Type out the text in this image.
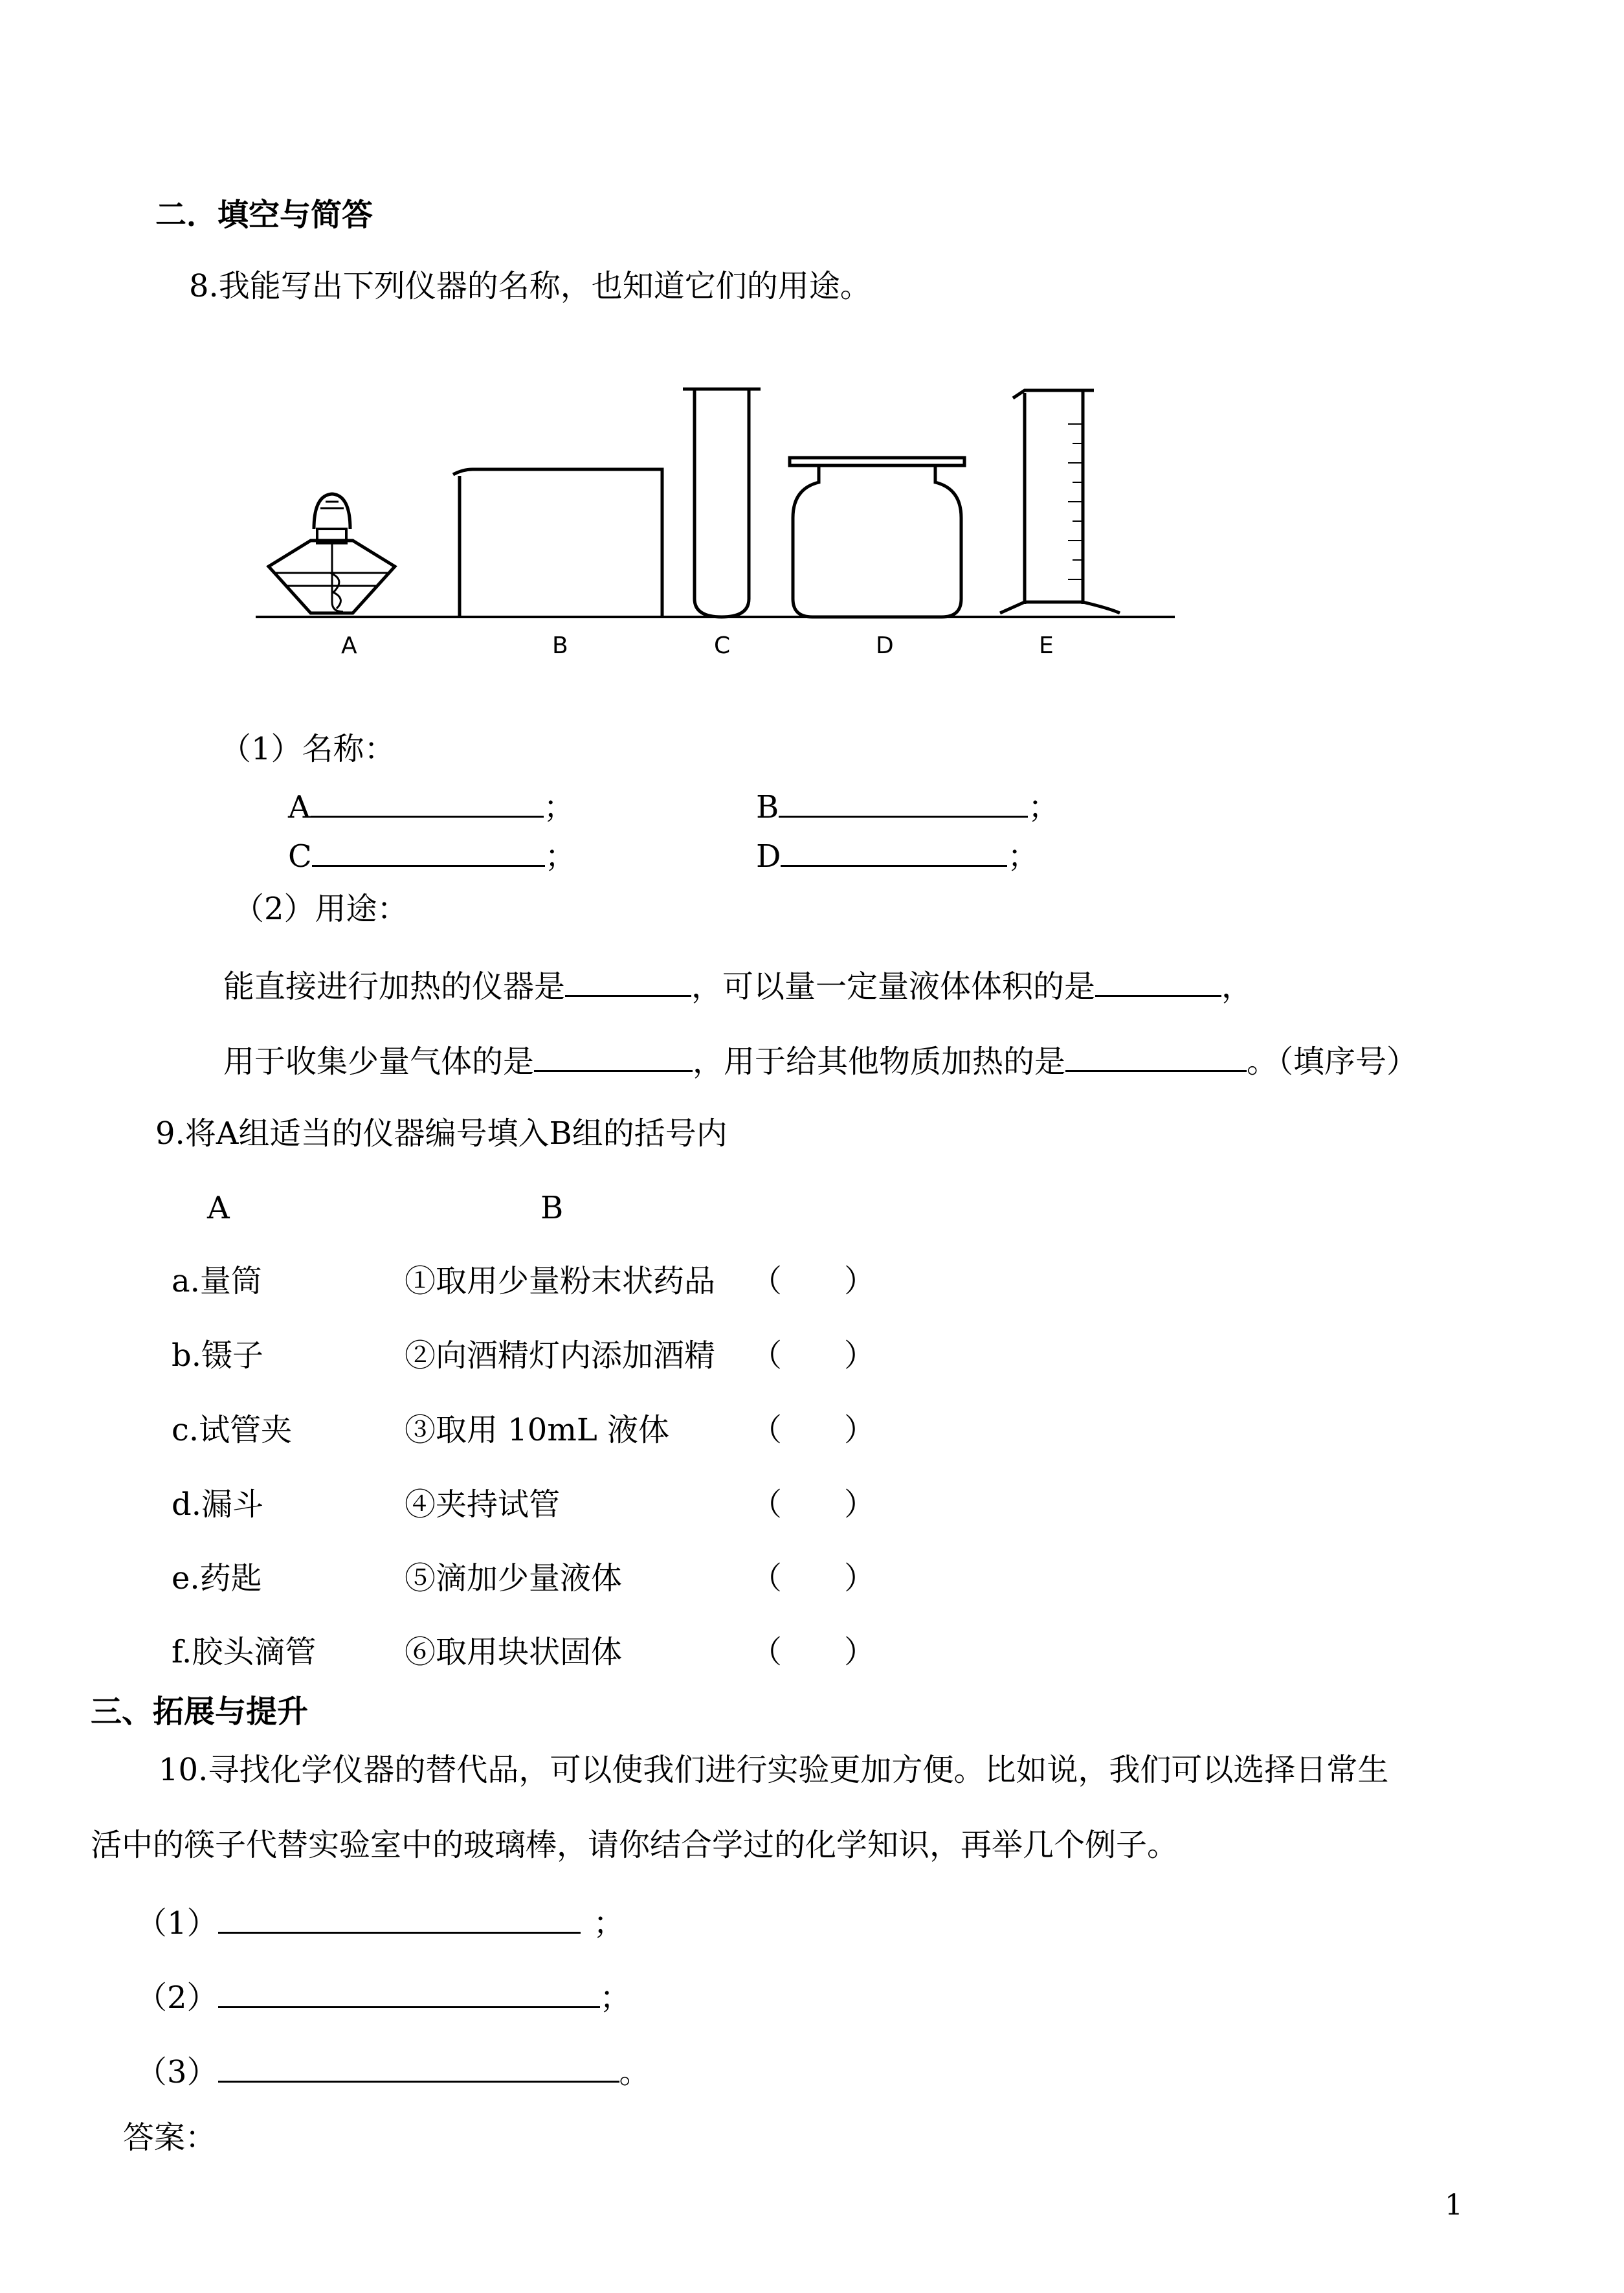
二．填空与简答
8.我能写出下列仪器的名称，也知道它们的用途。
A	B	C	D	E
（1）名称：
A	；	B	；
C	；	D	；
（2）用途：
能直接进行加热的仪器是	，可以量一定量液体体积的是	，
用于收集少量气体的是	，用于给其他物质加热的是	。（填序号）
9.将A组适当的仪器编号填入B组的括号内
A	B
a.量筒	①取用少量粉末状药品 （　　）
b.镊子	②向酒精灯内添加酒精 （　　）
c.试管夹	③取用 10mL 液体	（　　）
d.漏斗	④夹持试管	（　　）
e.药匙	⑤滴加少量液体	（　　）
f.胶头滴管	⑥取用块状固体	（　　）
三、拓展与提升
10.寻找化学仪器的替代品，可以使我们进行实验更加方便。比如说，我们可以选择日常生
活中的筷子代替实验室中的玻璃棒，请你结合学过的化学知识，再举几个例子。
（1）	；
（2）	；
（3）	。
答案：
1
